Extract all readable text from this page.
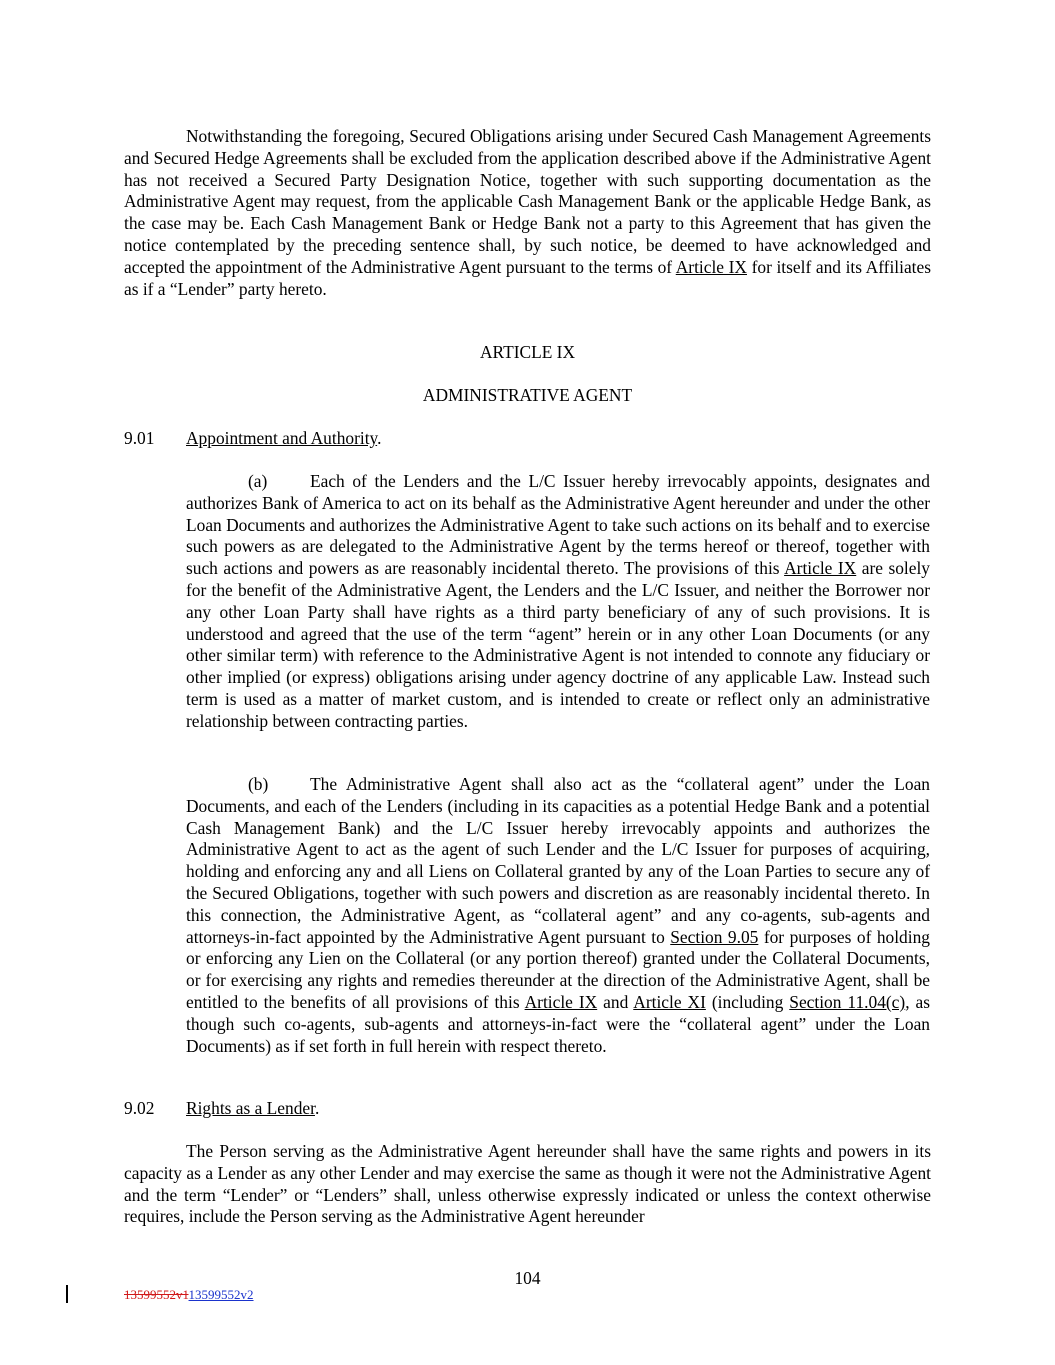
Notwithstanding the foregoing, Secured Obligations arising under Secured Cash Management Agreements and Secured Hedge Agreements shall be excluded from the application described above if the Administrative Agent has not received a Secured Party Designation Notice, together with such supporting documentation as the Administrative Agent may request, from the applicable Cash Management Bank or the applicable Hedge Bank, as the case may be. Each Cash Management Bank or Hedge Bank not a party to this Agreement that has given the notice contemplated by the preceding sentence shall, by such notice, be deemed to have acknowledged and accepted the appointment of the Administrative Agent pursuant to the terms of Article IX for itself and its Affiliates as if a “Lender” party hereto.

ARTICLE IX
ADMINISTRATIVE AGENT
9.01 Appointment and Authority.

(a) Each of the Lenders and the L/C Issuer hereby irrevocably appoints, designates and authorizes Bank of America to act on its behalf as the Administrative Agent hereunder and under the other Loan Documents and authorizes the Administrative Agent to take such actions on its behalf and to exercise such powers as are delegated to the Administrative Agent by the terms hereof or thereof, together with such actions and powers as are reasonably incidental thereto. The provisions of this Article IX are solely for the benefit of the Administrative Agent, the Lenders and the L/C Issuer, and neither the Borrower nor any other Loan Party shall have rights as a third party beneficiary of any of such provisions. It is understood and agreed that the use of the term “agent” herein or in any other Loan Documents (or any other similar term) with reference to the Administrative Agent is not intended to connote any fiduciary or other implied (or express) obligations arising under agency doctrine of any applicable Law. Instead such term is used as a matter of market custom, and is intended to create or reflect only an administrative relationship between contracting parties.

(b) The Administrative Agent shall also act as the “collateral agent” under the Loan Documents, and each of the Lenders (including in its capacities as a potential Hedge Bank and a potential Cash Management Bank) and the L/C Issuer hereby irrevocably appoints and authorizes the Administrative Agent to act as the agent of such Lender and the L/C Issuer for purposes of acquiring, holding and enforcing any and all Liens on Collateral granted by any of the Loan Parties to secure any of the Secured Obligations, together with such powers and discretion as are reasonably incidental thereto. In this connection, the Administrative Agent, as “collateral agent” and any co-agents, sub-agents and attorneys-in-fact appointed by the Administrative Agent pursuant to Section 9.05 for purposes of holding or enforcing any Lien on the Collateral (or any portion thereof) granted under the Collateral Documents, or for exercising any rights and remedies thereunder at the direction of the Administrative Agent, shall be entitled to the benefits of all provisions of this Article IX and Article XI (including Section 11.04(c), as though such co-agents, sub-agents and attorneys-in-fact were the “collateral agent” under the Loan Documents) as if set forth in full herein with respect thereto.

9.02 Rights as a Lender.

The Person serving as the Administrative Agent hereunder shall have the same rights and powers in its capacity as a Lender as any other Lender and may exercise the same as though it were not the Administrative Agent and the term “Lender” or “Lenders” shall, unless otherwise expressly indicated or unless the context otherwise requires, include the Person serving as the Administrative Agent hereunder

104
13599552v113599552v2
